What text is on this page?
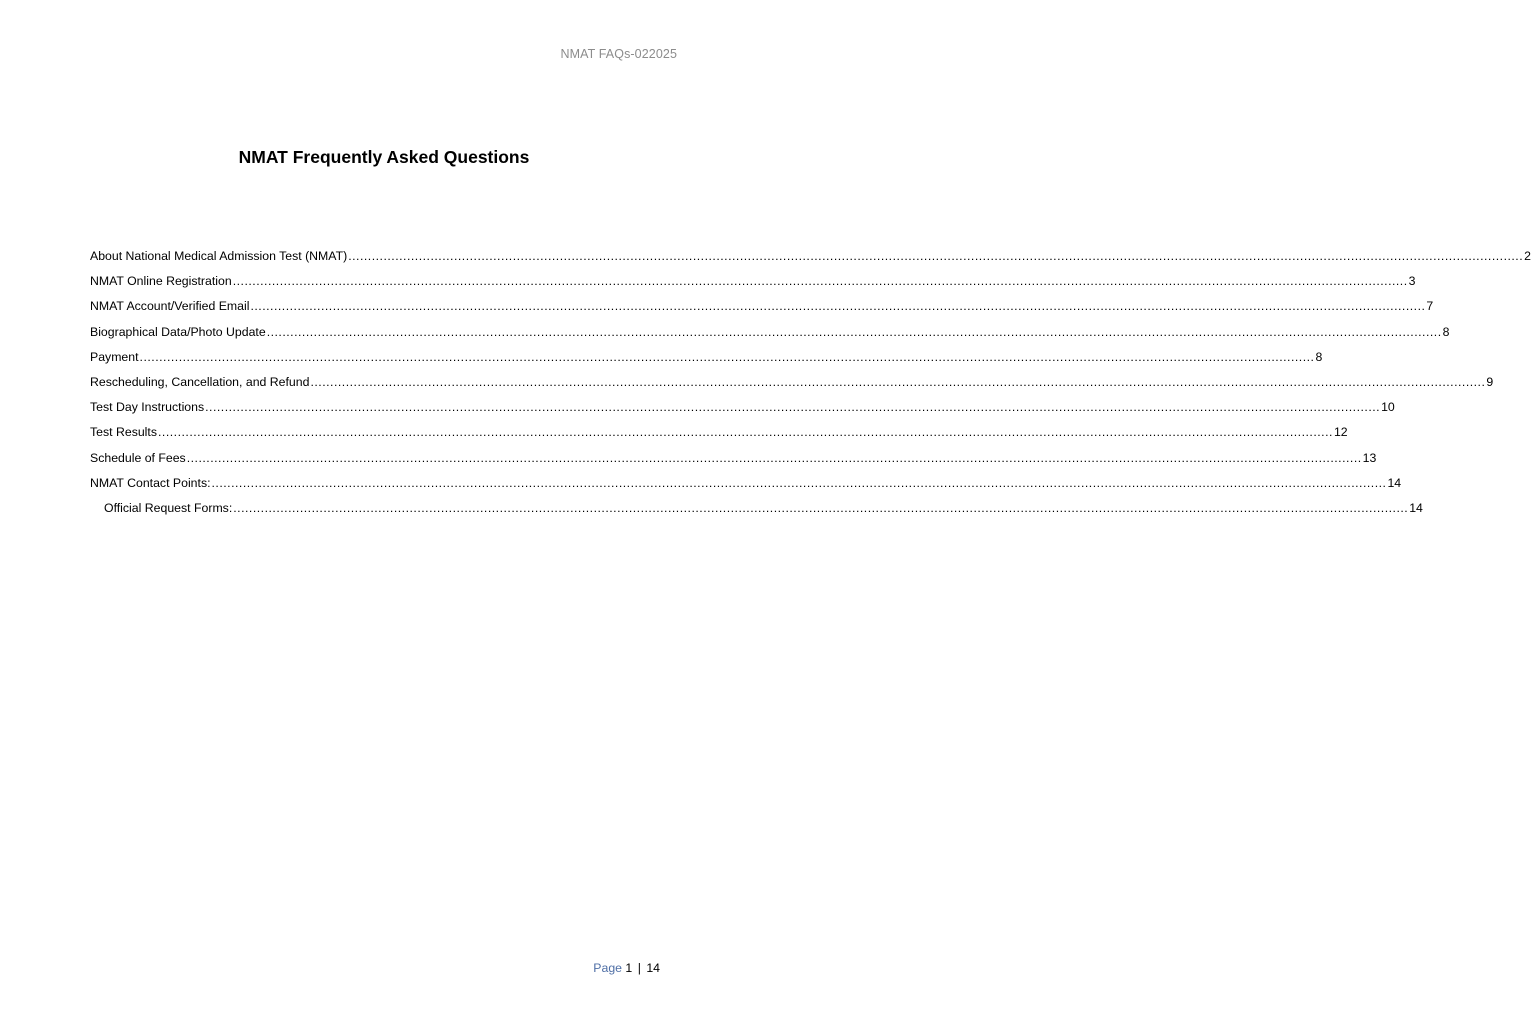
NMAT FAQs-022025
NMAT Frequently Asked Questions
About National Medical Admission Test (NMAT) ............................................................................................................................................................................................................................................................................................................ 2
NMAT Online Registration ............................................................................................................................................................................................................................................................................................................ 3
NMAT Account/Verified Email ............................................................................................................................................................................................................................................................................................................ 7
Biographical Data/Photo Update ............................................................................................................................................................................................................................................................................................................ 8
Payment ............................................................................................................................................................................................................................................................................................................ 8
Rescheduling, Cancellation, and Refund ............................................................................................................................................................................................................................................................................................................ 9
Test Day Instructions ............................................................................................................................................................................................................................................................................................................ 10
Test Results ............................................................................................................................................................................................................................................................................................................ 12
Schedule of Fees ............................................................................................................................................................................................................................................................................................................ 13
NMAT Contact Points: ............................................................................................................................................................................................................................................................................................................ 14
Official Request Forms: ............................................................................................................................................................................................................................................................................................................ 14
Page 1 | 14
